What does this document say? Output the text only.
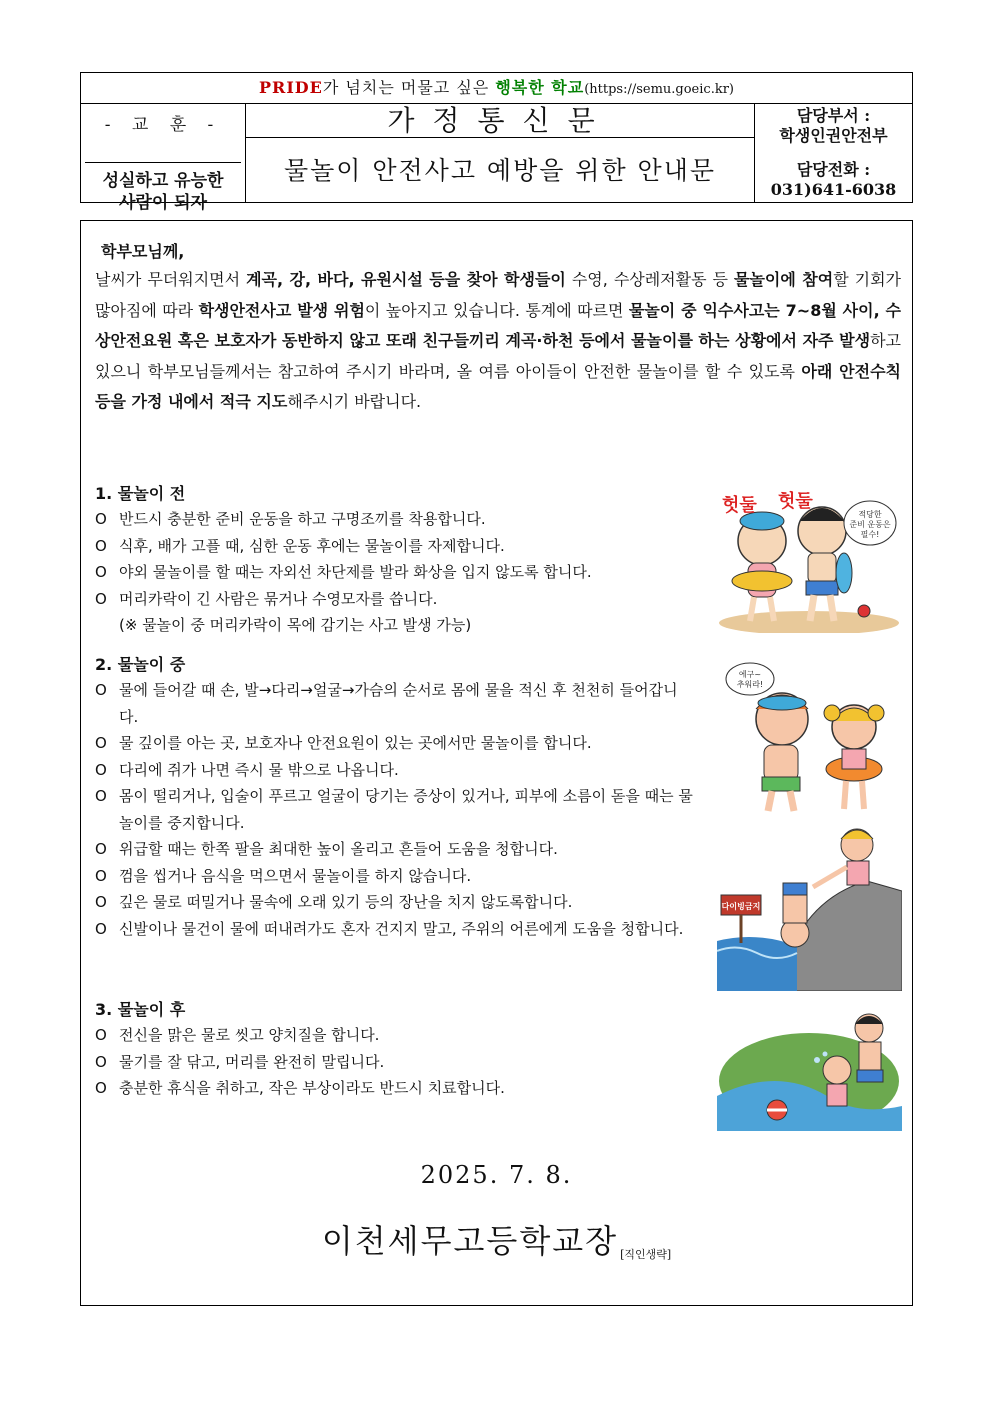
PRIDE가 넘치는 머물고 싶은 행복한 학교(https://semu.goeic.kr)
- 교 훈 -
성실하고 유능한
사람이 되자
가정통신문
물놀이 안전사고 예방을 위한 안내문
담당부서 :
학생인권안전부
담당전화 :
031)641-6038
학부모님께,
날씨가 무더워지면서 계곡, 강, 바다, 유원시설 등을 찾아 학생들이 수영, 수상레저활동 등 물놀이에 참여할 기회가 많아짐에 따라 학생안전사고 발생 위험이 높아지고 있습니다. 통계에 따르면 물놀이 중 익수사고는 7~8월 사이, 수상안전요원 혹은 보호자가 동반하지 않고 또래 친구들끼리 계곡·하천 등에서 물놀이를 하는 상황에서 자주 발생하고 있으니 학부모님들께서는 참고하여 주시기 바라며, 올 여름 아이들이 안전한 물놀이를 할 수 있도록 아래 안전수칙 등을 가정 내에서 적극 지도해주시기 바랍니다.
1. 물놀이 전
O 반드시 충분한 준비 운동을 하고 구명조끼를 착용합니다.
O 식후, 배가 고플 때, 심한 운동 후에는 물놀이를 자제합니다.
O 야외 물놀이를 할 때는 자외선 차단제를 발라 화상을 입지 않도록 합니다.
O 머리카락이 긴 사람은 묶거나 수영모자를 씁니다.
(※ 물놀이 중 머리카락이 목에 감기는 사고 발생 가능)
2. 물놀이 중
O 물에 들어갈 때 손, 발→다리→얼굴→가슴의 순서로 몸에 물을 적신 후 천천히 들어갑니다.
O 물 깊이를 아는 곳, 보호자나 안전요원이 있는 곳에서만 물놀이를 합니다.
O 다리에 쥐가 나면 즉시 물 밖으로 나옵니다.
O 몸이 떨리거나, 입술이 푸르고 얼굴이 당기는 증상이 있거나, 피부에 소름이 돋을 때는 물놀이를 중지합니다.
O 위급할 때는 한쪽 팔을 최대한 높이 올리고 흔들어 도움을 청합니다.
O 껌을 씹거나 음식을 먹으면서 물놀이를 하지 않습니다.
O 깊은 물로 떠밀거나 물속에 오래 있기 등의 장난을 치지 않도록합니다.
O 신발이나 물건이 물에 떠내려가도 혼자 건지지 말고, 주위의 어른에게 도움을 청합니다.
3. 물놀이 후
O 전신을 맑은 물로 씻고 양치질을 합니다.
O 물기를 잘 닦고, 머리를 완전히 말립니다.
O 충분한 휴식을 취하고, 작은 부상이라도 반드시 치료합니다.
적당한
준비 운동은
필수!
헛둘 헛둘
에구~
추워라!
다이빙금지
2025. 7. 8.
이천세무고등학교장 [직인생략]
